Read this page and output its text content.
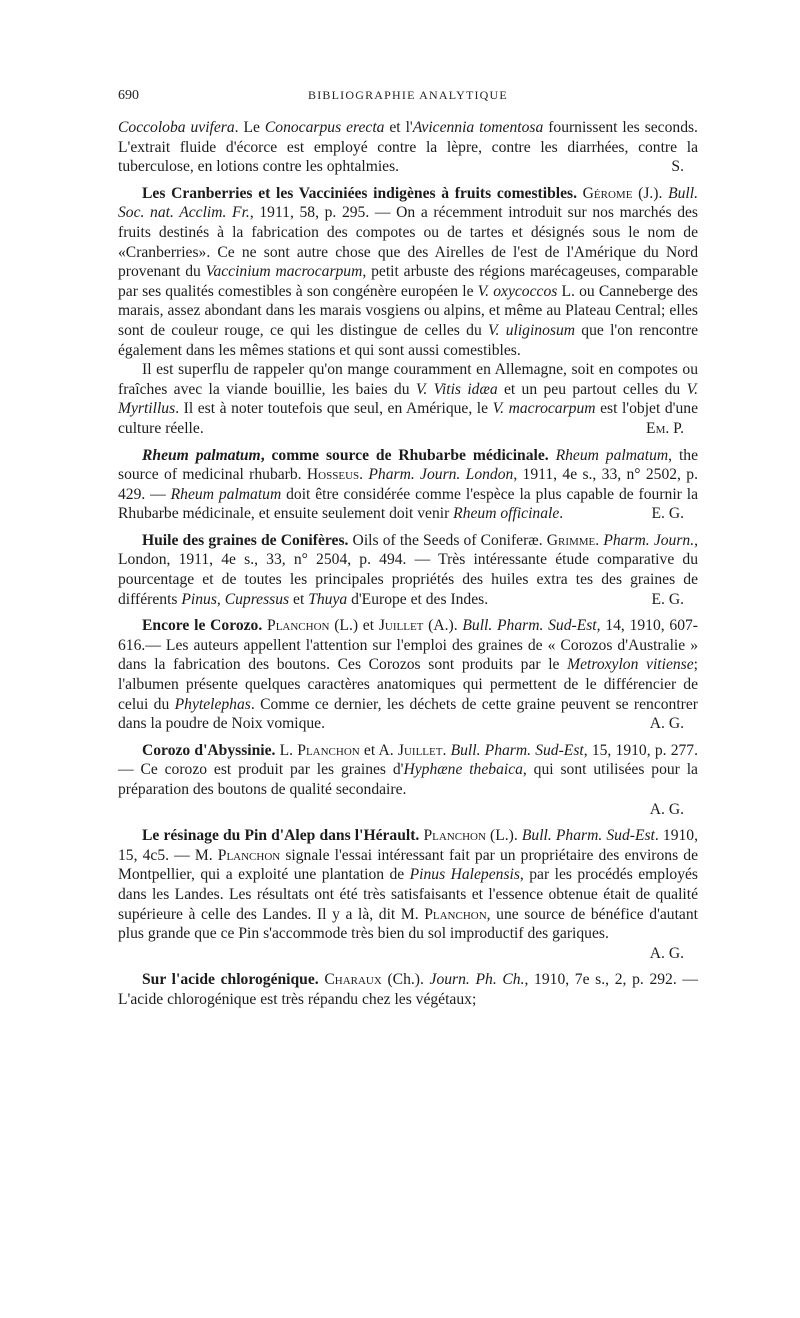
690	BIBLIOGRAPHIE ANALYTIQUE

Coccoloba uvifera. Le Conocarpus erecta et l'Avicennia tomentosa fournissent les seconds. L'extrait fluide d'écorce est employé contre la lèpre, contre les diarrhées, contre la tuberculose, en lotions contre les ophtalmies.	S.

Les Cranberries et les Vacciniées indigènes à fruits comestibles. Gérome (J.). Bull. Soc. nat. Acclim. Fr., 1911, 58, p. 295. — On a récemment introduit sur nos marchés des fruits destinés à la fabrication des compotes ou de tartes et désignés sous le nom de «Cranberries». Ce ne sont autre chose que des Airelles de l'est de l'Amérique du Nord provenant du Vaccinium macrocarpum, petit arbuste des régions marécageuses, comparable par ses qualités comestibles à son congénère européen le V. oxycoccos L. ou Canneberge des marais, assez abondant dans les marais vosgiens ou alpins, et même au Plateau Central; elles sont de couleur rouge, ce qui les distingue de celles du V. uliginosum que l'on rencontre également dans les mêmes stations et qui sont aussi comestibles.

Il est superflu de rappeler qu'on mange couramment en Allemagne, soit en compotes ou fraîches avec la viande bouillie, les baies du V. Vitis idæa et un peu partout celles du V. Myrtillus. Il est à noter toutefois que seul, en Amérique, le V. macrocarpum est l'objet d'une culture réelle.	Em. P.

Rheum palmatum, comme source de Rhubarbe médicinale. Rheum palmatum, the source of medicinal rhubarb. Hosseus. Pharm. Journ. London, 1911, 4e s., 33, n° 2502, p. 429. — Rheum palmatum doit être considérée comme l'espèce la plus capable de fournir la Rhubarbe médicinale, et ensuite seulement doit venir Rheum officinale.	E. G.

Huile des graines de Conifères. Oils of the Seeds of Coniferæ. Grimme. Pharm. Journ., London, 1911, 4e s., 33, n° 2504, p. 494. — Très intéressante étude comparative du pourcentage et de toutes les principales propriétés des huiles extra tes des graines de différents Pinus, Cupressus et Thuya d'Europe et des Indes.	E. G.

Encore le Corozo. Planchon (L.) et Juillet (A.). Bull. Pharm. Sud-Est, 14, 1910, 607-616.— Les auteurs appellent l'attention sur l'emploi des graines de « Corozos d'Australie » dans la fabrication des boutons. Ces Corozos sont produits par le Metroxylon vitiense; l'albumen présente quelques caractères anatomiques qui permettent de le différencier de celui du Phytelephas. Comme ce dernier, les déchets de cette graine peuvent se rencontrer dans la poudre de Noix vomique.	A. G.

Corozo d'Abyssinie. L. Planchon et A. Juillet. Bull. Pharm. Sud-Est, 15, 1910, p. 277. — Ce corozo est produit par les graines d'Hyphæne thebaica, qui sont utilisées pour la préparation des boutons de qualité secondaire.

A. G.

Le résinage du Pin d'Alep dans l'Hérault. Planchon (L.). Bull. Pharm. Sud-Est. 1910, 15, 4c5. — M. Planchon signale l'essai intéressant fait par un propriétaire des environs de Montpellier, qui a exploité une plantation de Pinus Halepensis, par les procédés employés dans les Landes. Les résultats ont été très satisfaisants et l'essence obtenue était de qualité supérieure à celle des Landes. Il y a là, dit M. Planchon, une source de bénéfice d'autant plus grande que ce Pin s'accommode très bien du sol improductif des gariques.

A. G.

Sur l'acide chlorogénique. Charaux (Ch.). Journ. Ph. Ch., 1910, 7e s., 2, p. 292. — L'acide chlorogénique est très répandu chez les végétaux;
